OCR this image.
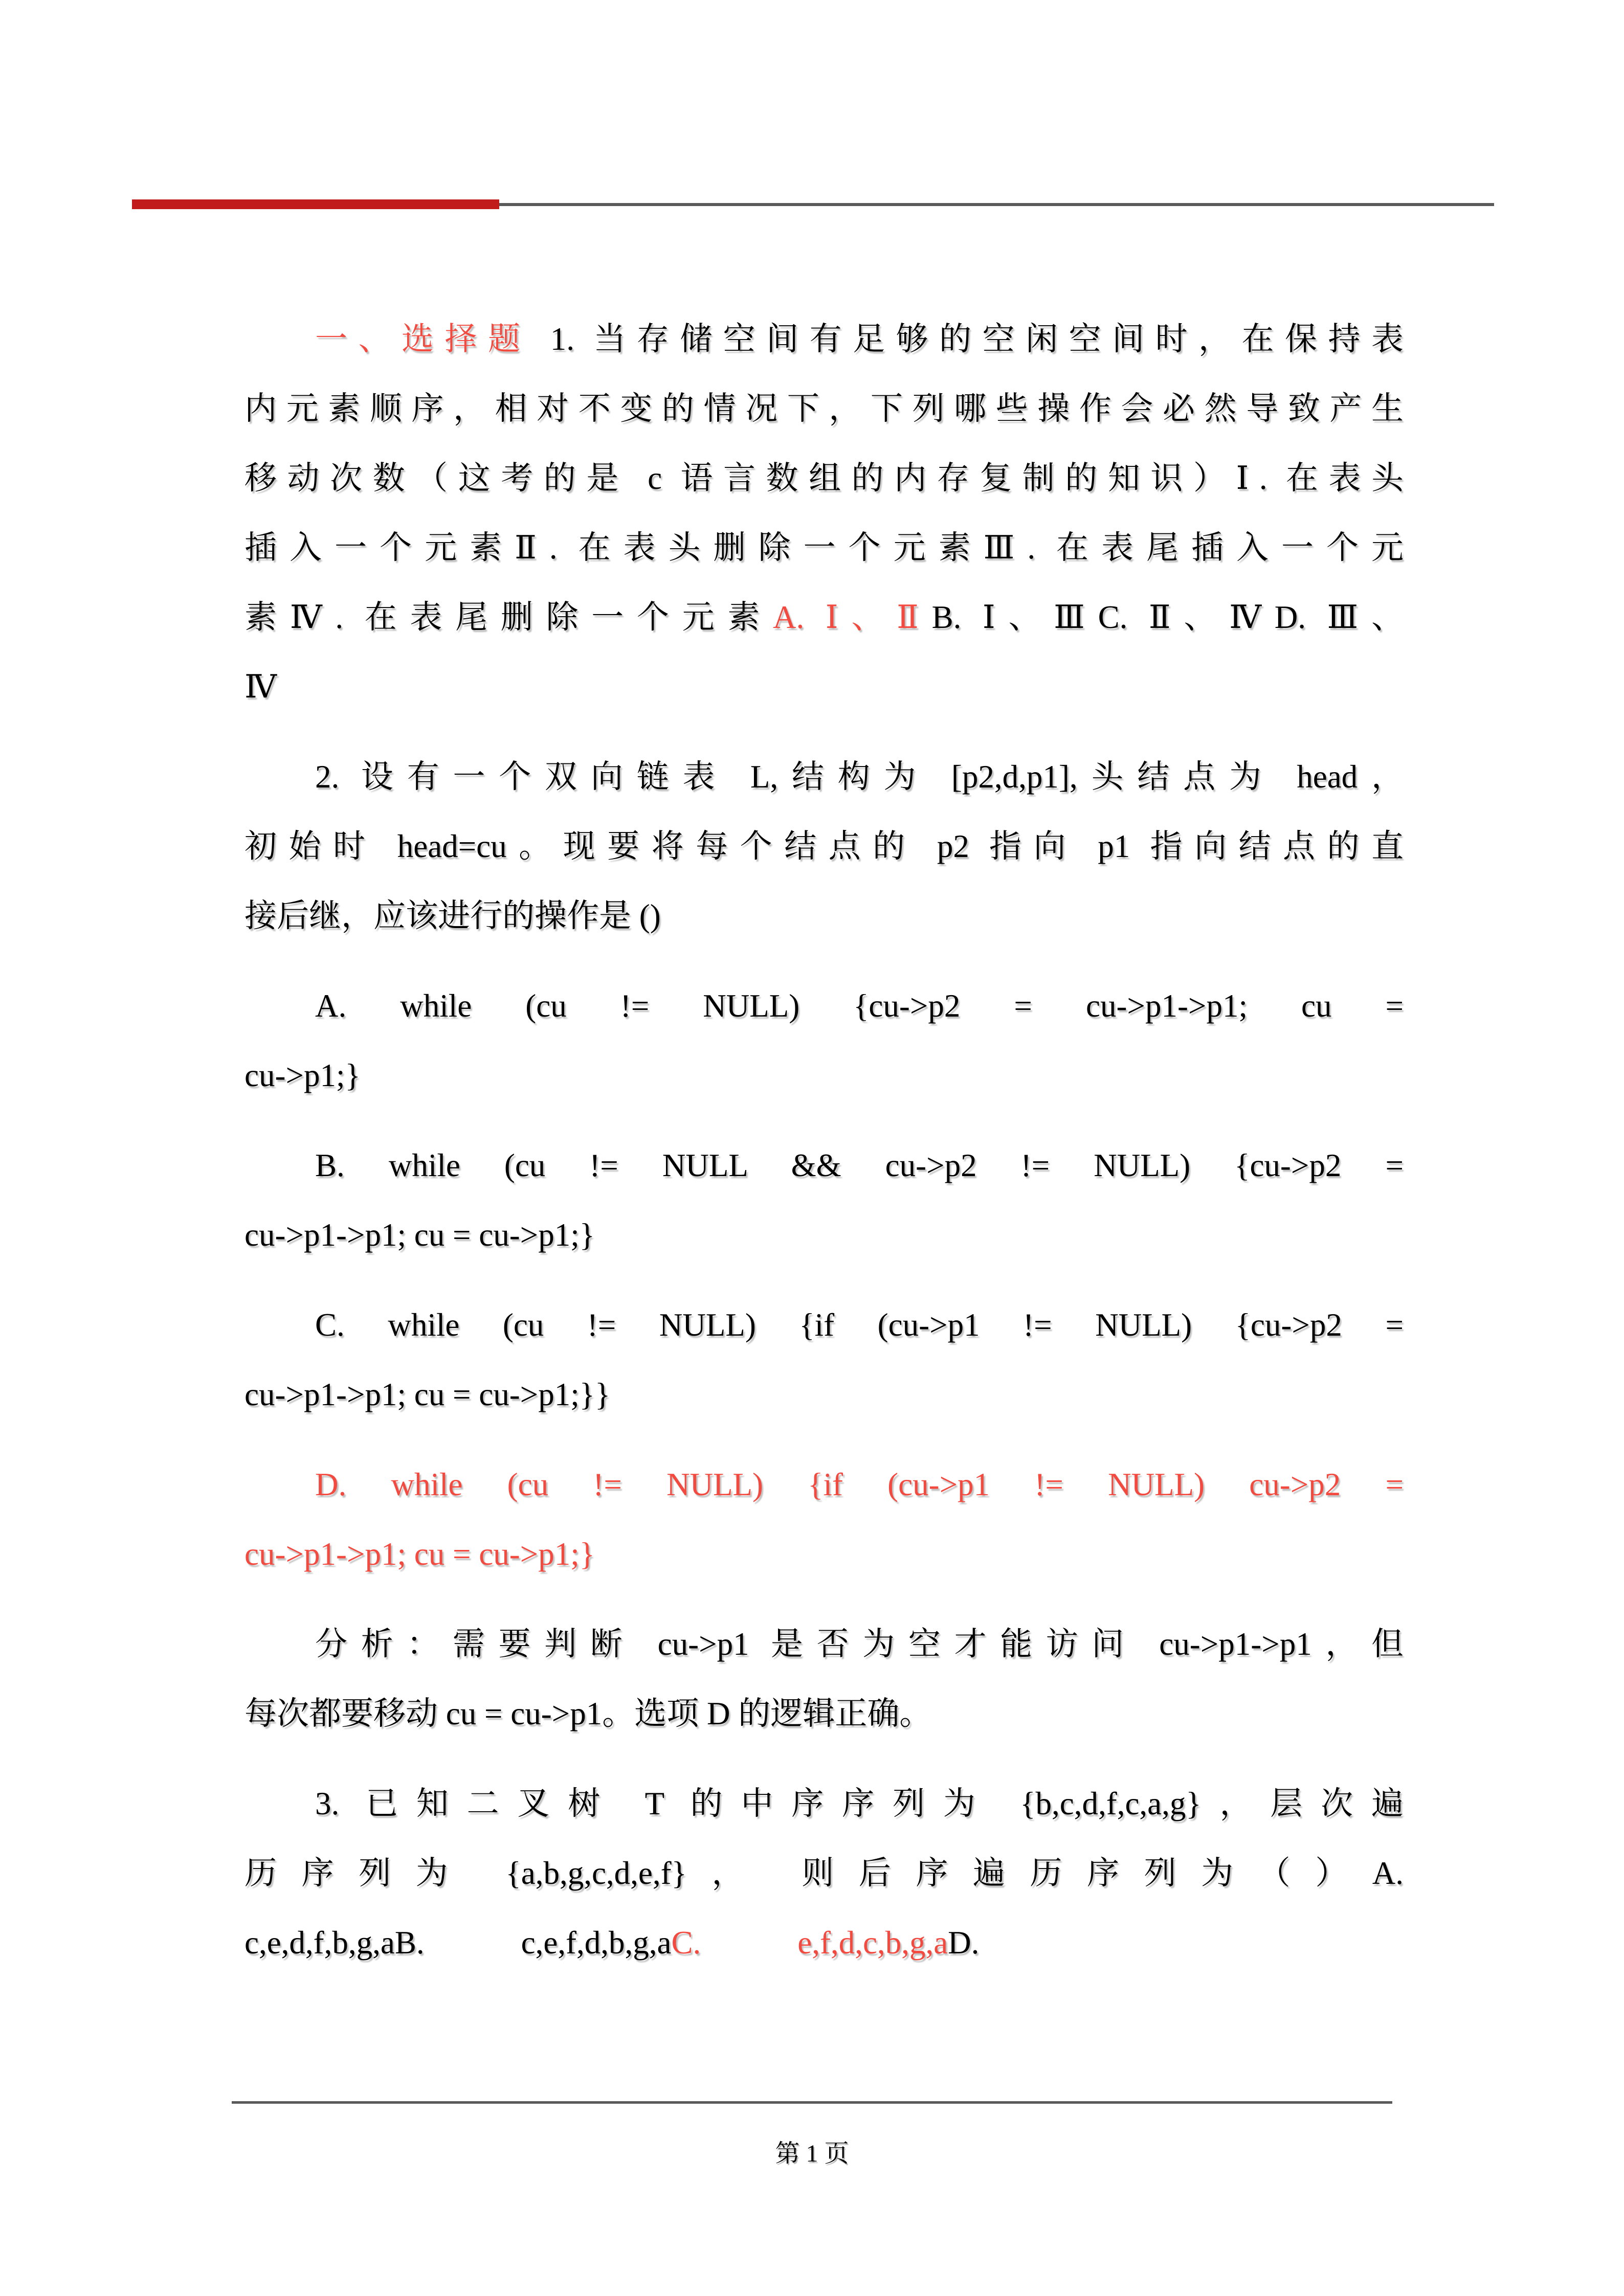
一、选择题 1. 当存储空间有足够的空闲空间时，在保持表
内元素顺序，相对不变的情况下，下列哪些操作会必然导致产生
移动次数（这考的是 c 语言数组的内存复制的知识）Ⅰ. 在表头
插入一个元素Ⅱ. 在表头删除一个元素Ⅲ. 在表尾插入一个元
素Ⅳ. 在表尾删除一个元素A. Ⅰ、ⅡB. Ⅰ、ⅢC. Ⅱ、ⅣD. Ⅲ、
Ⅳ
2. 设有一个双向链表 L,结构为 [p2,d,p1],头结点为 head，
初始时 head=cu。现要将每个结点的 p2 指向 p1 指向结点的直
接后继，应该进行的操作是 ()
A. while (cu != NULL) {cu->p2 = cu->p1->p1; cu =
cu->p1;}
B. while (cu != NULL && cu->p2 != NULL) {cu->p2 =
cu->p1->p1; cu = cu->p1;}
C. while (cu != NULL) {if (cu->p1 != NULL) {cu->p2 =
cu->p1->p1; cu = cu->p1;}}
D. while (cu != NULL) {if (cu->p1 != NULL) cu->p2 =
cu->p1->p1; cu = cu->p1;}
分析：需要判断 cu->p1 是否为空才能访问 cu->p1->p1，但
每次都要移动 cu = cu->p1。选项 D 的逻辑正确。
3. 已知二叉树 T 的中序序列为 {b,c,d,f,c,a,g}，层次遍
历序列为 {a,b,g,c,d,e,f}， 则后序遍历序列为（）A.
c,e,d,f,b,g,aB.　　　c,e,f,d,b,g,aC.　　　e,f,d,c,b,g,aD.
第 1 页
